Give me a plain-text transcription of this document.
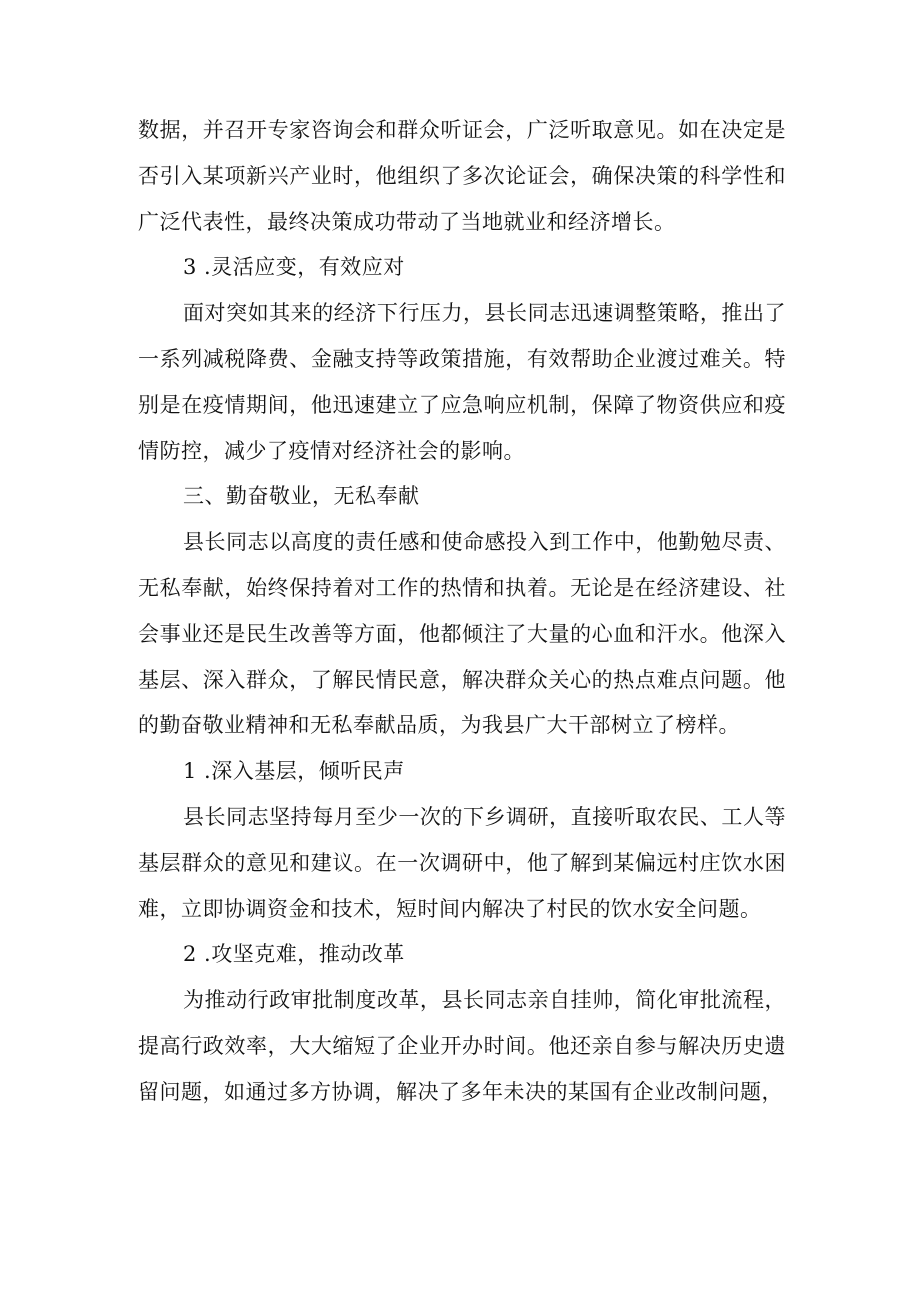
数据，并召开专家咨询会和群众听证会，广泛听取意见。如在决定是否引入某项新兴产业时，他组织了多次论证会，确保决策的科学性和广泛代表性，最终决策成功带动了当地就业和经济增长。

3 .灵活应变，有效应对

面对突如其来的经济下行压力，县长同志迅速调整策略，推出了一系列减税降费、金融支持等政策措施，有效帮助企业渡过难关。特别是在疫情期间，他迅速建立了应急响应机制，保障了物资供应和疫情防控，减少了疫情对经济社会的影响。

三、勤奋敬业，无私奉献

县长同志以高度的责任感和使命感投入到工作中，他勤勉尽责、无私奉献，始终保持着对工作的热情和执着。无论是在经济建设、社会事业还是民生改善等方面，他都倾注了大量的心血和汗水。他深入基层、深入群众，了解民情民意，解决群众关心的热点难点问题。他的勤奋敬业精神和无私奉献品质，为我县广大干部树立了榜样。

1 .深入基层，倾听民声

县长同志坚持每月至少一次的下乡调研，直接听取农民、工人等基层群众的意见和建议。在一次调研中，他了解到某偏远村庄饮水困难，立即协调资金和技术，短时间内解决了村民的饮水安全问题。

2 .攻坚克难，推动改革

为推动行政审批制度改革，县长同志亲自挂帅，简化审批流程，提高行政效率，大大缩短了企业开办时间。他还亲自参与解决历史遗留问题，如通过多方协调，解决了多年未决的某国有企业改制问题，
